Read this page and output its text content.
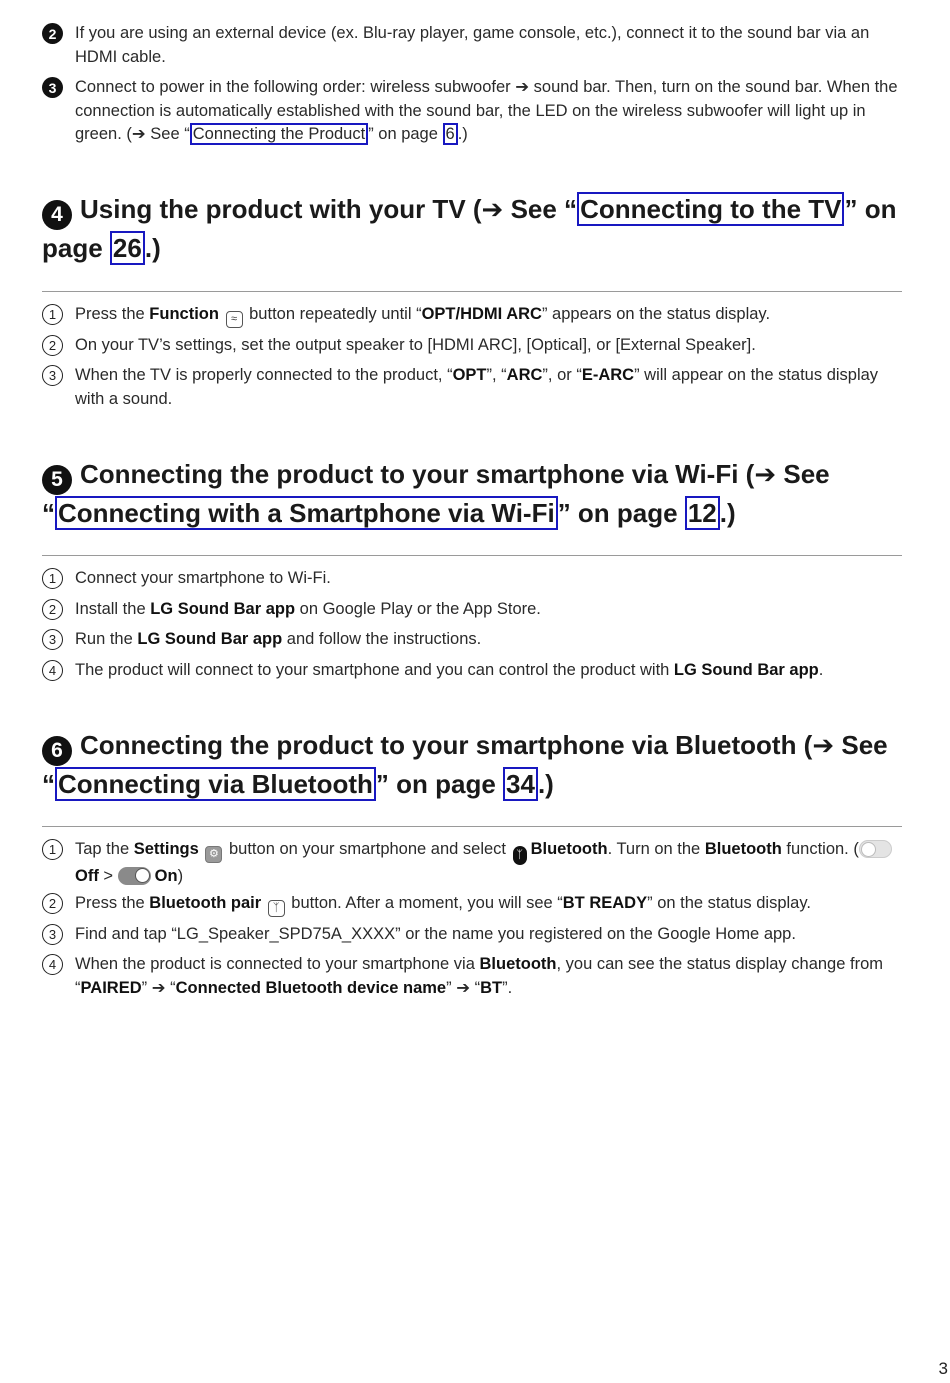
2	If you are using an external device (ex. Blu-ray player, game console, etc.), connect it to the sound bar via an HDMI cable.
3	Connect to power in the following order: wireless subwoofer ➔ sound bar. Then, turn on the sound bar. When the connection is automatically established with the sound bar, the LED on the wireless subwoofer will light up in green. (➔ See “ Connecting the Product ” on page 6 .)
4 Using the product with your TV (➔ See “ Connecting to the TV ” on page 26 .)
1	Press the Function ≈ button repeatedly until “OPT/HDMI ARC” appears on the status display.
2	On your TV’s settings, set the output speaker to [HDMI ARC], [Optical], or [External Speaker].
3	When the TV is properly connected to the product, “OPT”, “ARC”, or “E-ARC” will appear on the status display with a sound.
5 Connecting the product to your smartphone via Wi-Fi (➔ See “ Connecting with a Smartphone via Wi-Fi ” on page 12 .)
1	Connect your smartphone to Wi-Fi.
2	Install the LG Sound Bar app on Google Play or the App Store.
3	Run the LG Sound Bar app and follow the instructions.
4	The product will connect to your smartphone and you can control the product with LG Sound Bar app.
6 Connecting the product to your smartphone via Bluetooth (➔ See “ Connecting via Bluetooth ” on page 34 .)
1	Tap the Settings ⚙ button on your smartphone and select ᛉ Bluetooth. Turn on the Bluetooth function. (
Off >
On)
2	Press the Bluetooth pair ᛉ button. After a moment, you will see “BT READY” on the status display.
3	Find and tap “LG_Speaker_SPD75A_XXXX” or the name you registered on the Google Home app.
4	When the product is connected to your smartphone via Bluetooth, you can see the status display change from “PAIRED” ➔ “Connected Bluetooth device name” ➔ “BT”.
3
